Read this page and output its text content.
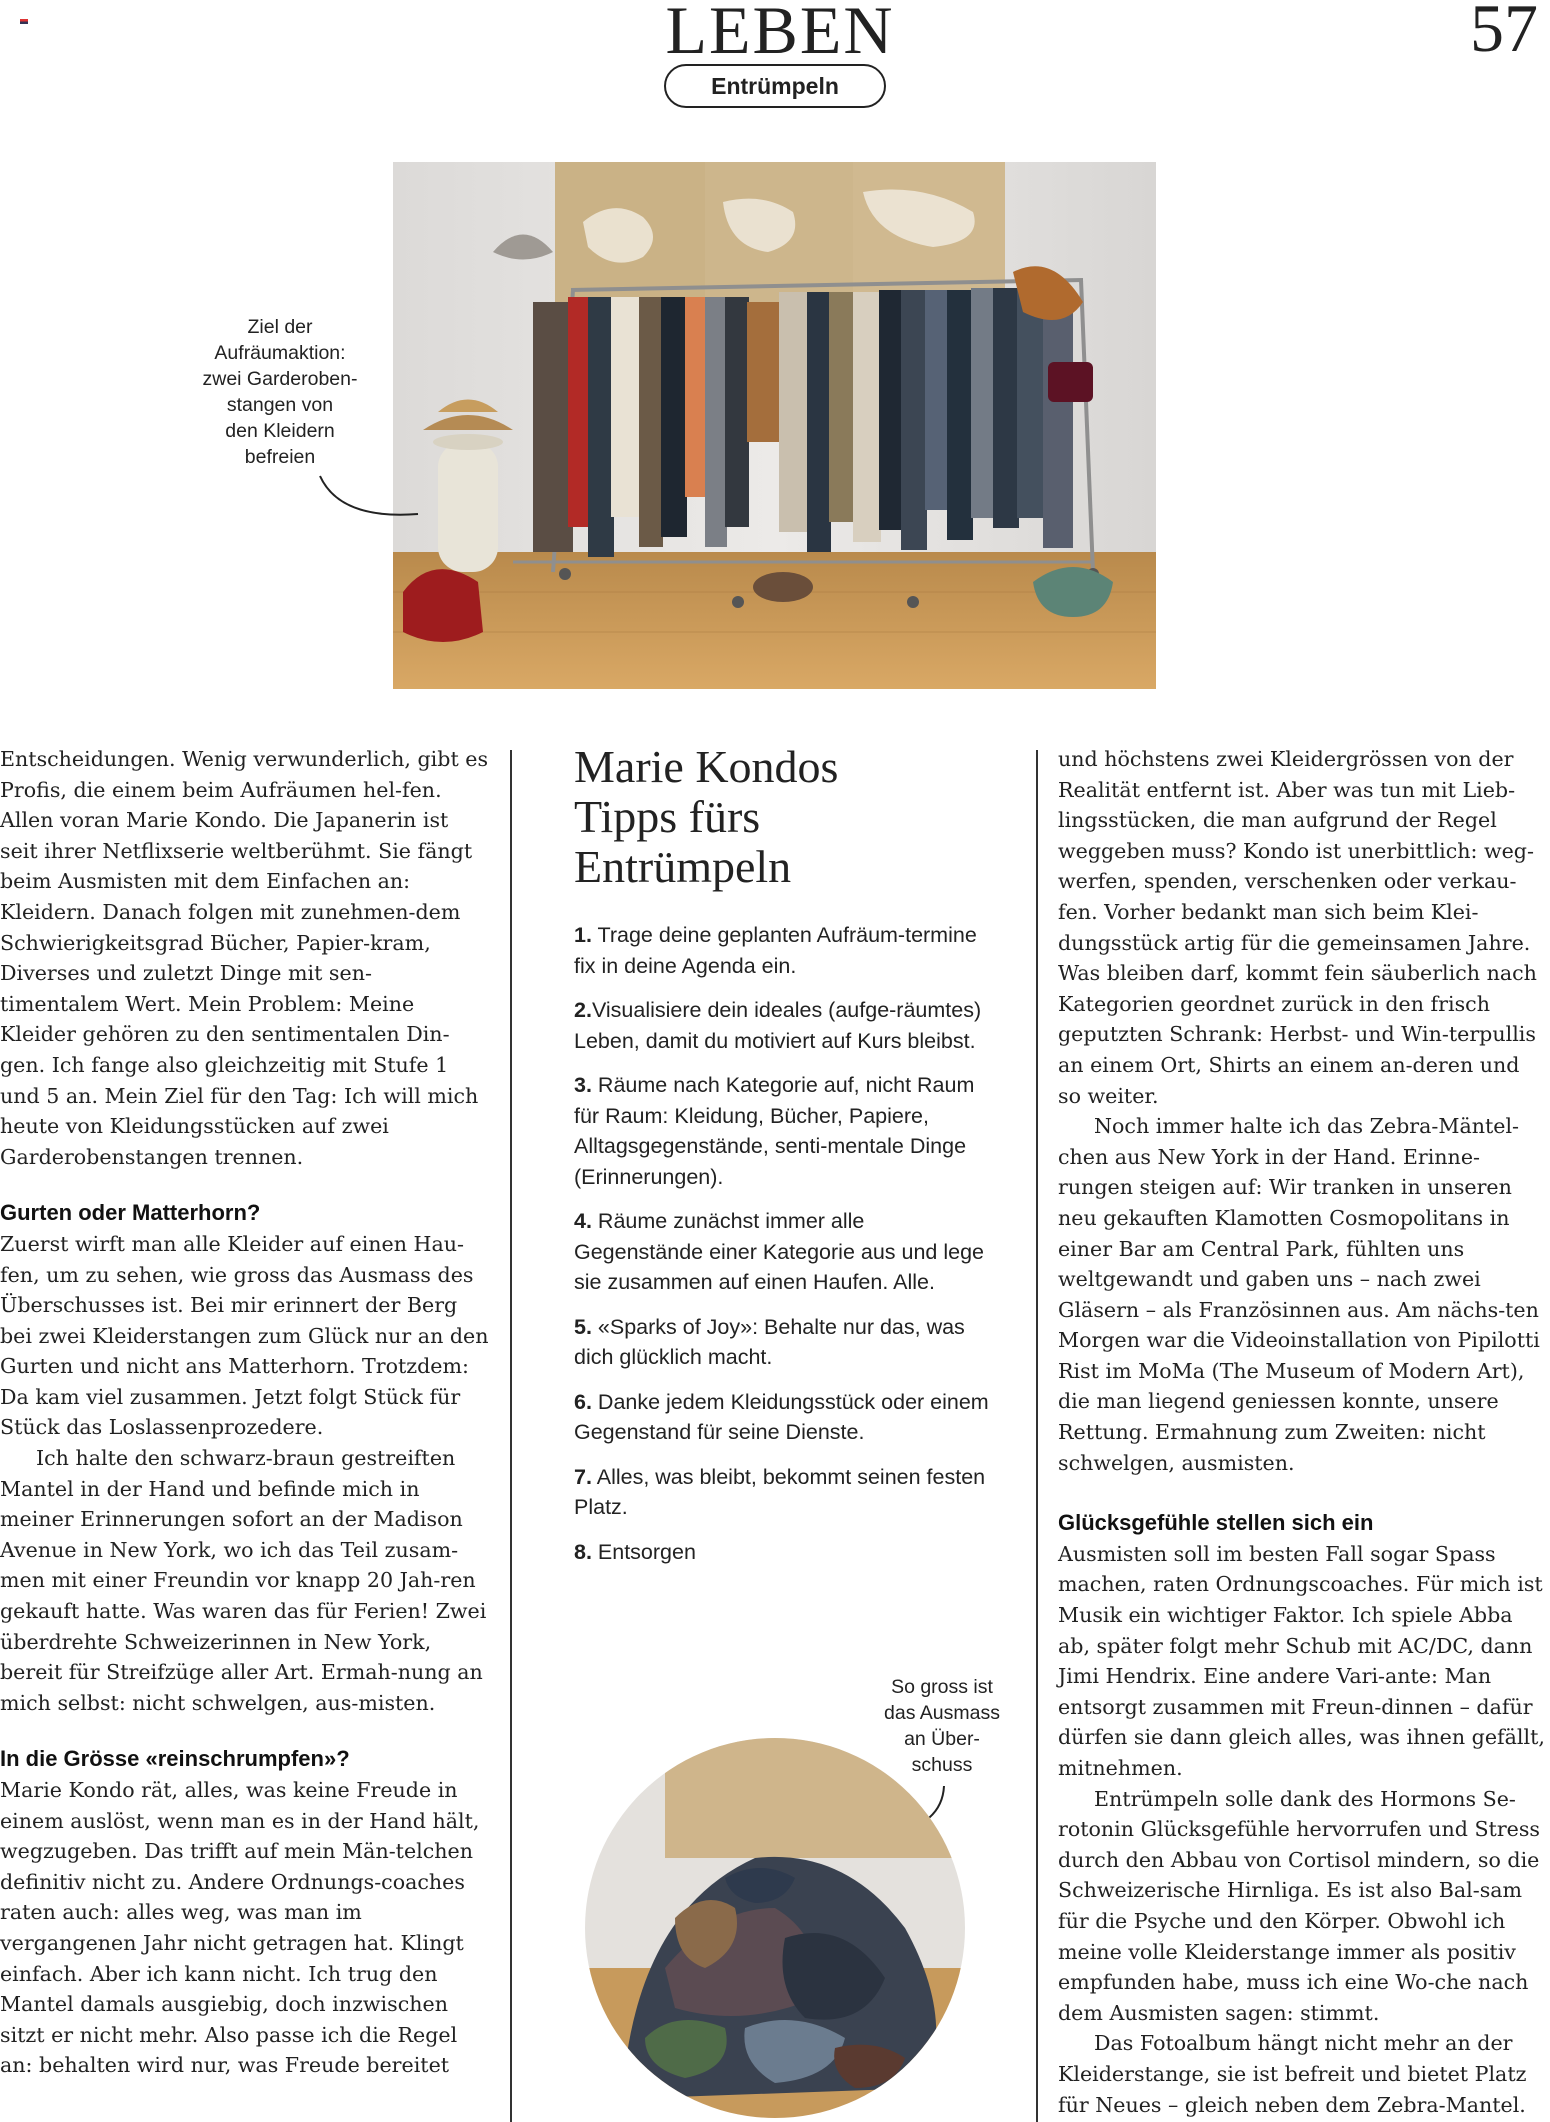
LEBEN
Entrümpeln
57
Ziel der
Aufräumaktion:
zwei Garderoben-
stangen von
den Kleidern
befreien

Entscheidungen. Wenig verwunderlich, gibt es Profis, die einem beim Aufräumen hel-fen. Allen voran Marie Kondo. Die Japanerin ist seit ihrer Netflixserie weltberühmt. Sie fängt beim Ausmisten mit dem Einfachen an: Kleidern. Danach folgen mit zunehmen-dem Schwierigkeitsgrad Bücher, Papier-kram, Diverses und zuletzt Dinge mit sen-timentalem Wert. Mein Problem: Meine Kleider gehören zu den sentimentalen Din-gen. Ich fange also gleichzeitig mit Stufe 1 und 5 an. Mein Ziel für den Tag: Ich will mich heute von Kleidungsstücken auf zwei Garderobenstangen trennen.

Gurten oder Matterhorn?

Zuerst wirft man alle Kleider auf einen Hau-fen, um zu sehen, wie gross das Ausmass des Überschusses ist. Bei mir erinnert der Berg bei zwei Kleiderstangen zum Glück nur an den Gurten und nicht ans Matterhorn. Trotzdem: Da kam viel zusammen. Jetzt folgt Stück für Stück das Loslassenprozedere.

Ich halte den schwarz-braun gestreiften Mantel in der Hand und befinde mich in meiner Erinnerungen sofort an der Madison Avenue in New York, wo ich das Teil zusam-men mit einer Freundin vor knapp 20 Jah-ren gekauft hatte. Was waren das für Ferien! Zwei überdrehte Schweizerinnen in New York, bereit für Streifzüge aller Art. Ermah-nung an mich selbst: nicht schwelgen, aus-misten.

In die Grösse «reinschrumpfen»?

Marie Kondo rät, alles, was keine Freude in einem auslöst, wenn man es in der Hand hält, wegzugeben. Das trifft auf mein Män-telchen definitiv nicht zu. Andere Ordnungs-coaches raten auch: alles weg, was man im vergangenen Jahr nicht getragen hat. Klingt einfach. Aber ich kann nicht. Ich trug den Mantel damals ausgiebig, doch inzwischen sitzt er nicht mehr. Also passe ich die Regel an: behalten wird nur, was Freude bereitet

Marie Kondos
Tipps fürs
Entrümpeln
1. Trage deine geplanten Aufräum-termine fix in deine Agenda ein.
2.Visualisiere dein ideales (aufge-räumtes) Leben, damit du motiviert auf Kurs bleibst.
3. Räume nach Kategorie auf, nicht Raum für Raum: Kleidung, Bücher, Papiere, Alltagsgegenstände, senti-mentale Dinge (Erinnerungen).
4. Räume zunächst immer alle Gegenstände einer Kategorie aus und lege sie zusammen auf einen Haufen. Alle.
5. «Sparks of Joy»: Behalte nur das, was dich glücklich macht.
6. Danke jedem Kleidungsstück oder einem Gegenstand für seine Dienste.
7. Alles, was bleibt, bekommt seinen festen Platz.
8. Entsorgen
So gross ist
das Ausmass
an Über-
schuss

und höchstens zwei Kleidergrössen von der Realität entfernt ist. Aber was tun mit Lieb-lingsstücken, die man aufgrund der Regel weggeben muss? Kondo ist unerbittlich: weg-werfen, spenden, verschenken oder verkau-fen. Vorher bedankt man sich beim Klei-dungsstück artig für die gemeinsamen Jahre. Was bleiben darf, kommt fein säuberlich nach Kategorien geordnet zurück in den frisch geputzten Schrank: Herbst- und Win-terpullis an einem Ort, Shirts an einem an-deren und so weiter.

Noch immer halte ich das Zebra-Mäntel-chen aus New York in der Hand. Erinne-rungen steigen auf: Wir tranken in unseren neu gekauften Klamotten Cosmopolitans in einer Bar am Central Park, fühlten uns weltgewandt und gaben uns – nach zwei Gläsern – als Französinnen aus. Am nächs-ten Morgen war die Videoinstallation von Pipilotti Rist im MoMa (The Museum of Modern Art), die man liegend geniessen konnte, unsere Rettung. Ermahnung zum Zweiten: nicht schwelgen, ausmisten.

Glücksgefühle stellen sich ein

Ausmisten soll im besten Fall sogar Spass machen, raten Ordnungscoaches. Für mich ist Musik ein wichtiger Faktor. Ich spiele Abba ab, später folgt mehr Schub mit AC/DC, dann Jimi Hendrix. Eine andere Vari-ante: Man entsorgt zusammen mit Freun-dinnen – dafür dürfen sie dann gleich alles, was ihnen gefällt, mitnehmen.

Entrümpeln solle dank des Hormons Se-rotonin Glücksgefühle hervorrufen und Stress durch den Abbau von Cortisol mindern, so die Schweizerische Hirnliga. Es ist also Bal-sam für die Psyche und den Körper. Obwohl ich meine volle Kleiderstange immer als positiv empfunden habe, muss ich eine Wo-che nach dem Ausmisten sagen: stimmt.

Das Fotoalbum hängt nicht mehr an der Kleiderstange, sie ist befreit und bietet Platz für Neues – gleich neben dem Zebra-Mantel.
